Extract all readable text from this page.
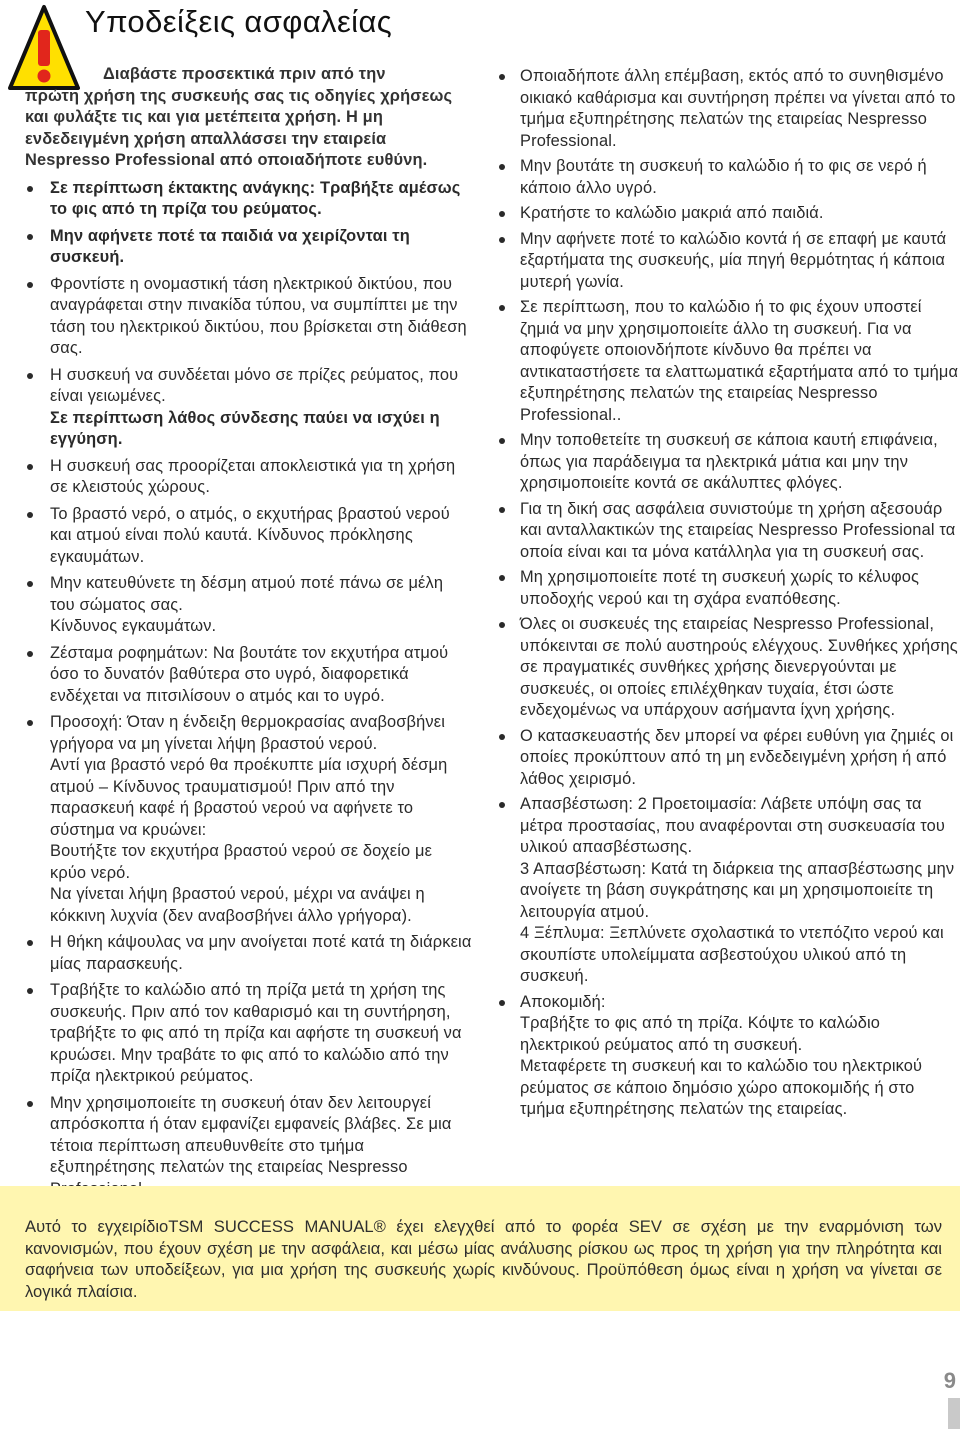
Υποδείξεις ασφαλείας

Διαβάστε προσεκτικά πριν από την
πρώτη χρήση της συσκευής σας τις οδηγίες χρήσεως και φυλάξτε τις και για μετέπειτα χρήση. Η μη ενδεδειγμένη χρήση απαλλάσσει την εταιρεία Nespresso Professional από οποιαδήποτε ευθύνη.

Σε περίπτωση έκτακτης ανάγκης: Τραβήξτε αμέσως το φις από τη πρίζα του ρεύματος.
Μην αφήνετε ποτέ τα παιδιά να χειρίζονται τη συσκευή.
Φροντίστε η ονομαστική τάση ηλεκτρικού δικτύου, που αναγράφεται στην πινακίδα τύπου, να συμπίπτει με την τάση του ηλεκτρικού δικτύου, που βρίσκεται στη διάθεση σας.
Η συσκευή να συνδέεται μόνο σε πρίζες ρεύματος, που είναι γειωμένες.
Σε περίπτωση λάθος σύνδεσης παύει να ισχύει η εγγύηση.
Η συσκευή σας προορίζεται αποκλειστικά για τη χρήση σε κλειστούς χώρους.
Το βραστό νερό, ο ατμός, ο εκχυτήρας βραστού νερού και ατμού είναι πολύ καυτά. Κίνδυνος πρόκλησης εγκαυμάτων.
Μην κατευθύνετε τη δέσμη ατμού ποτέ πάνω σε μέλη του σώματος σας.
Κίνδυνος εγκαυμάτων.
Ζέσταμα ροφημάτων: Να βουτάτε τον εκχυτήρα ατμού όσο το δυνατόν βαθύτερα στο υγρό, διαφορετικά ενδέχεται να πιτσιλίσουν ο ατμός και το υγρό.
Προσοχή: Όταν η ένδειξη θερμοκρασίας αναβοσβήνει γρήγορα να μη γίνεται λήψη βραστού νερού.
Αντί για βραστό νερό θα προέκυπτε μία ισχυρή δέσμη ατμού – Κίνδυνος τραυματισμού! Πριν από την παρασκευή καφέ ή βραστού νερού να αφήνετε το σύστημα να κρυώνει:
Βουτήξτε τον εκχυτήρα βραστού νερού σε δοχείο με κρύο νερό.
Να γίνεται λήψη βραστού νερού, μέχρι να ανάψει η κόκκινη λυχνία (δεν αναβοσβήνει άλλο γρήγορα).
Η θήκη κάψουλας να μην ανοίγεται ποτέ κατά τη διάρκεια μίας παρασκευής.
Τραβήξτε το καλώδιο από τη πρίζα μετά τη χρήση της συσκευής. Πριν από τον καθαρισμό και τη συντήρηση, τραβήξτε το φις από τη πρίζα και αφήστε τη συσκευή να κρυώσει. Μην τραβάτε το φις από το καλώδιο από την πρίζα ηλεκτρικού ρεύματος.
Μην χρησιμοποιείτε τη συσκευή όταν δεν λειτουργεί απρόσκοπτα ή όταν εμφανίζει εμφανείς βλάβες. Σε μια τέτοια περίπτωση απευθυνθείτε στο τμήμα εξυπηρέτησης πελατών της εταιρείας Nespresso
Οποιαδήποτε άλλη επέμβαση, εκτός από το συνηθισμένο οικιακό καθάρισμα και συντήρηση πρέπει να γίνεται από το τμήμα εξυπηρέτησης πελατών της εταιρείας Nespresso Professional.
Μην βουτάτε τη συσκευή το καλώδιο ή το φις σε νερό ή κάποιο άλλο υγρό.
Κρατήστε το καλώδιο μακριά από παιδιά.
Μην αφήνετε ποτέ το καλώδιο κοντά ή σε επαφή με καυτά εξαρτήματα της συσκευής, μία πηγή θερμότητας ή κάποια μυτερή γωνία.
Σε περίπτωση, που το καλώδιο ή το φις έχουν υποστεί ζημιά να μην χρησιμοποιείτε άλλο τη συσκευή. Για να αποφύγετε οποιονδήποτε κίνδυνο θα πρέπει να αντικαταστήσετε τα ελαττωματικά εξαρτήματα από το τμήμα εξυπηρέτησης πελατών της εταιρείας Nespresso Professional..
Μην τοποθετείτε τη συσκευή σε κάποια καυτή επιφάνεια, όπως για παράδειγμα τα ηλεκτρικά μάτια και μην την χρησιμοποιείτε κοντά σε ακάλυπτες φλόγες.
Για τη δική σας ασφάλεια συνιστούμε τη χρήση αξεσουάρ και ανταλλακτικών της εταιρείας Nespresso Professional τα οποία είναι και τα μόνα κατάλληλα για τη συσκευή σας.
Μη χρησιμοποιείτε ποτέ τη συσκευή χωρίς το κέλυφος υποδοχής νερού και τη σχάρα εναπόθεσης.
Όλες οι συσκευές της εταιρείας Nespresso Professional, υπόκεινται σε πολύ αυστηρούς ελέγχους. Συνθήκες χρήσης σε πραγματικές συνθήκες χρήσης διενεργούνται με συσκευές, οι οποίες επιλέχθηκαν τυχαία, έτσι ώστε ενδεχομένως να υπάρχουν ασήμαντα ίχνη χρήσης.
Ο κατασκευαστής δεν μπορεί να φέρει ευθύνη για ζημιές οι οποίες προκύπτουν από τη μη ενδεδειγμένη χρήση ή από λάθος χειρισμό.
Απασβέστωση: 2 Προετοιμασία: Λάβετε υπόψη σας τα μέτρα προστασίας, που αναφέρονται στη συσκευασία του υλικού απασβέστωσης.
3 Απασβέστωση: Κατά τη διάρκεια της απασβέστωσης μην ανοίγετε τη βάση συγκράτησης και μη χρησιμοποιείτε τη λειτουργία ατμού.
4 Ξέπλυμα: Ξεπλύνετε σχολαστικά το ντεπόζιτο νερού και σκουπίστε υπολείμματα ασβεστούχου υλικού από τη συσκευή.
Αποκομιδή:
Τραβήξτε το φις από τη πρίζα. Κόψτε το καλώδιο ηλεκτρικού ρεύματος από τη συσκευή.
Μεταφέρετε τη συσκευή και το καλώδιο του ηλεκτρικού ρεύματος σε κάποιο δημόσιο χώρο αποκομιδής ή στο τμήμα εξυπηρέτησης πελατών της εταιρείας.
Αυτό το εγχειρίδιοTSM SUCCESS MANUAL® έχει ελεγχθεί από το φορέα SEV σε σχέση με την εναρμόνιση των κανονισμών, που έχουν σχέση με την ασφάλεια, και μέσω μίας ανάλυσης ρίσκου ως προς τη χρήση για την πληρότητα και σαφήνεια των υποδείξεων, για μια χρήση της συσκευής χωρίς κινδύνους. Προϋπόθεση όμως είναι η χρήση να γίνεται σε λογικά πλαίσια.
9
